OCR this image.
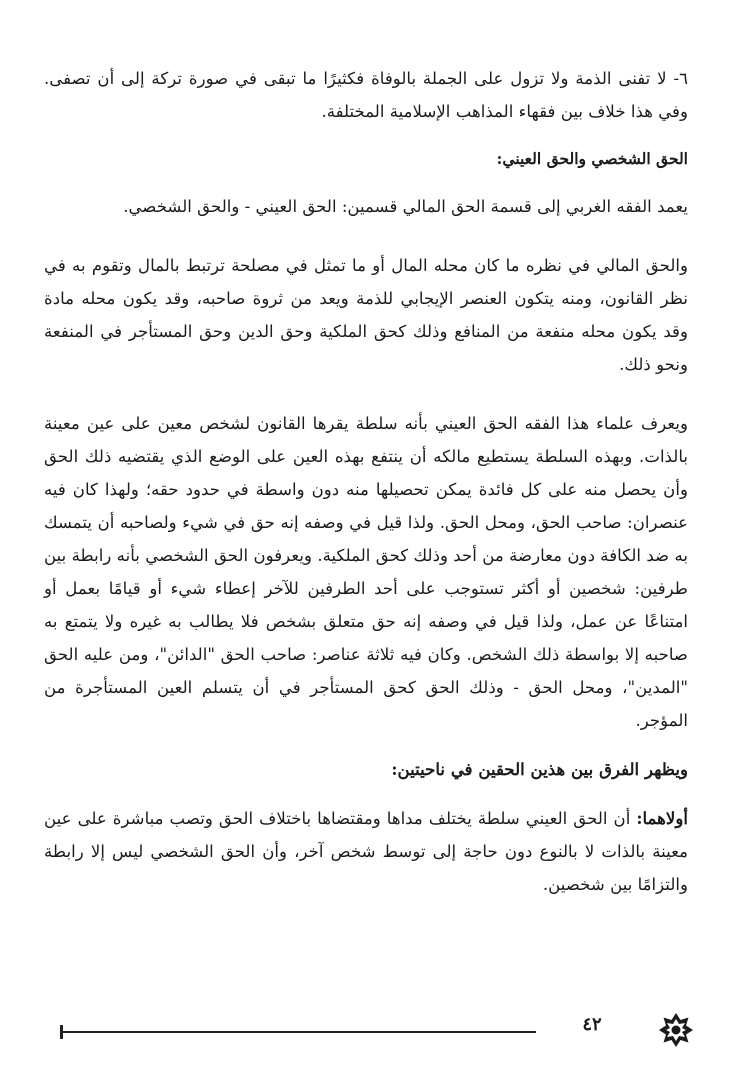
٦- لا تفنى الذمة ولا تزول على الجملة بالوفاة فكثيرًا ما تبقى في صورة تركة إلى أن تصفى. وفي هذا خلاف بين فقهاء المذاهب الإسلامية المختلفة.

الحق الشخصي والحق العيني:

يعمد الفقه الغربي إلى قسمة الحق المالي قسمين: الحق العيني - والحق الشخصي.

والحق المالي في نظره ما كان محله المال أو ما تمثل في مصلحة ترتبط بالمال وتقوم به في نظر القانون، ومنه يتكون العنصر الإيجابي للذمة ويعد من ثروة صاحبه، وقد يكون محله مادة وقد يكون محله منفعة من المنافع وذلك كحق الملكية وحق الدين وحق المستأجر في المنفعة ونحو ذلك.

ويعرف علماء هذا الفقه الحق العيني بأنه سلطة يقرها القانون لشخص معين على عين معينة بالذات. وبهذه السلطة يستطيع مالكه أن ينتفع بهذه العين على الوضع الذي يقتضيه ذلك الحق وأن يحصل منه على كل فائدة يمكن تحصيلها منه دون واسطة في حدود حقه؛ ولهذا كان فيه عنصران: صاحب الحق، ومحل الحق. ولذا قيل في وصفه إنه حق في شيء ولصاحبه أن يتمسك به ضد الكافة دون معارضة من أحد وذلك كحق الملكية. ويعرفون الحق الشخصي بأنه رابطة بين طرفين: شخصين أو أكثر تستوجب على أحد الطرفين للآخر إعطاء شيء أو قيامًا بعمل أو امتناعًا عن عمل، ولذا قيل في وصفه إنه حق متعلق بشخص فلا يطالب به غيره ولا يتمتع به صاحبه إلا بواسطة ذلك الشخص. وكان فيه ثلاثة عناصر: صاحب الحق "الدائن"، ومن عليه الحق "المدين"، ومحل الحق - وذلك الحق كحق المستأجر في أن يتسلم العين المستأجرة من المؤجر.

ويظهر الفرق بين هذين الحقين في ناحيتين:

أولاهما: أن الحق العيني سلطة يختلف مداها ومقتضاها باختلاف الحق وتصب مباشرة على عين معينة بالذات لا بالنوع دون حاجة إلى توسط شخص آخر، وأن الحق الشخصي ليس إلا رابطة والتزامًا بين شخصين.

٤٢
